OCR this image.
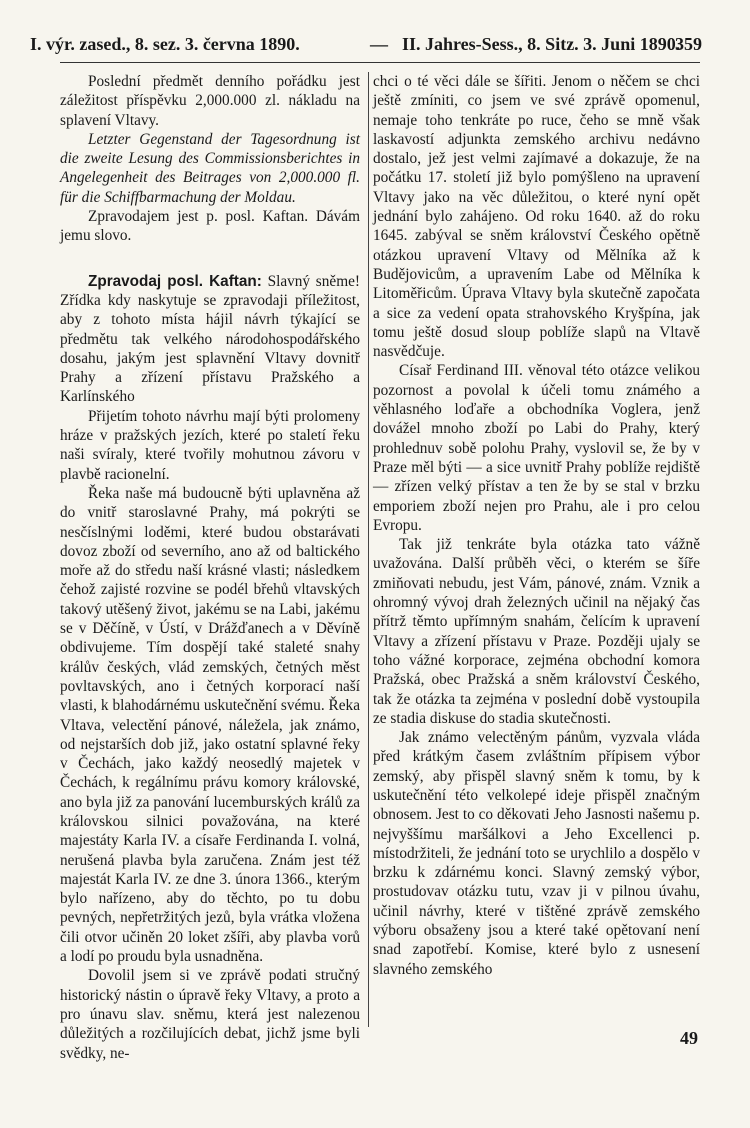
I. výr. zased., 8. sez. 3. června 1890.	— II. Jahres-Sess., 8. Sitz. 3. Juni 1890.
359

Poslední předmět denního pořádku jest záležitost příspěvku 2,000.000 zl. nákladu na splavení Vltavy.

Letzter Gegenstand der Tagesordnung ist die zweite Lesung des Commissionsberichtes in Angelegenheit des Beitrages von 2,000.000 fl. für die Schiffbarmachung der Moldau.

Zpravodajem jest p. posl. Kaftan. Dávám jemu slovo.

Zpravodaj posl. Kaftan: Slavný sněme! Zřídka kdy naskytuje se zpravodaji příležitost, aby z tohoto místa hájil návrh týkající se předmětu tak velkého národohospodářského dosahu, jakým jest splavnění Vltavy dovnitř Prahy a zřízení přístavu Pražského a Karlínského

Přijetím tohoto návrhu mají býti prolomeny hráze v pražských jezích, které po staletí řeku naši svíraly, které tvořily mohutnou závoru v plavbě racionelní.

Řeka naše má budoucně býti uplavněna až do vnitř staroslavné Prahy, má pokrýti se nesčíslnými loděmi, které budou obstarávati dovoz zboží od severního, ano až od baltického moře až do středu naší krásné vlasti; následkem čehož zajisté rozvine se podél břehů vltavských takový utěšený život, jakému se na Labi, jakému se v Děčíně, v Ústí, v Drážďanech a v Děvíně obdivujeme. Tím dospějí také staleté snahy králův českých, vlád zemských, četných měst povltavských, ano i četných korporací naší vlasti, k blahodárnému uskutečnění svému. Řeka Vltava, velectění pánové, náležela, jak známo, od nejstarších dob již, jako ostatní splavné řeky v Čechách, jako každý neosedlý majetek v Čechách, k regálnímu právu komory královské, ano byla již za panování lucemburských králů za královskou silnici považována, na které majestáty Karla IV. a císaře Ferdinanda I. volná, nerušená plavba byla zaručena. Znám jest též majestát Karla IV. ze dne 3. února 1366., kterým bylo nařízeno, aby do těchto, po tu dobu pevných, nepřetržitých jezů, byla vrátka vložena čili otvor učiněn 20 loket zšíři, aby plavba vorů a lodí po proudu byla usnadněna.

Dovolil jsem si ve zprávě podati stručný historický nástin o úpravě řeky Vltavy, a proto a pro únavu slav. sněmu, která jest nalezenou důležitých a rozčilujících debat, jichž jsme byli svědky, ne-

chci o té věci dále se šířiti. Jenom o něčem se chci ještě zmíniti, co jsem ve své zprávě opomenul, nemaje toho tenkráte po ruce, čeho se mně však laskavostí adjunkta zemského archivu nedávno dostalo, jež jest velmi zajímavé a dokazuje, že na počátku 17. století již bylo pomýšleno na upravení Vltavy jako na věc důležitou, o které nyní opět jednání bylo zahájeno. Od roku 1640. až do roku 1645. zabýval se sněm království Českého opětně otázkou upravení Vltavy od Mělníka až k Budějovicům, a upravením Labe od Mělníka k Litoměřicům. Úprava Vltavy byla skutečně započata a sice za vedení opata strahovského Kryšpína, jak tomu ještě dosud sloup poblíže slapů na Vltavě nasvědčuje.

Císař Ferdinand III. věnoval této otázce velikou pozornost a povolal k účeli tomu známého a věhlasného loďaře a obchodníka Voglera, jenž dovážel mnoho zboží po Labi do Prahy, který prohlednuv sobě polohu Prahy, vyslovil se, že by v Praze měl býti — a sice uvnitř Prahy poblíže rejdiště — zřízen velký přístav a ten že by se stal v brzku emporiem zboží nejen pro Prahu, ale i pro celou Evropu.

Tak již tenkráte byla otázka tato vážně uvažována. Další průběh věci, o kterém se šíře zmiňovati nebudu, jest Vám, pánové, znám. Vznik a ohromný vývoj drah železných učinil na nějaký čas přítrž těmto upřímným snahám, čelícím k upravení Vltavy a zřízení přístavu v Praze. Později ujaly se toho vážné korporace, zejména obchodní komora Pražská, obec Pražská a sněm království Českého, tak že otázka ta zejména v poslední době vystoupila ze stadia diskuse do stadia skutečnosti.

Jak známo velectěným pánům, vyzvala vláda před krátkým časem zvláštním přípisem výbor zemský, aby přispěl slavný sněm k tomu, by k uskutečnění této velkolepé ideje přispěl značným obnosem. Jest to co děkovati Jeho Jasnosti našemu p. nejvyššímu maršálkovi a Jeho Excellenci p. místodržiteli, že jednání toto se urychlilo a dospělo v brzku k zdárnému konci. Slavný zemský výbor, prostudovav otázku tutu, vzav ji v pilnou úvahu, učinil návrhy, které v tištěné zprávě zemského výboru obsaženy jsou a které také opětovaní není snad zapotřebí. Komise, které bylo z usnesení slavného zemského

49
